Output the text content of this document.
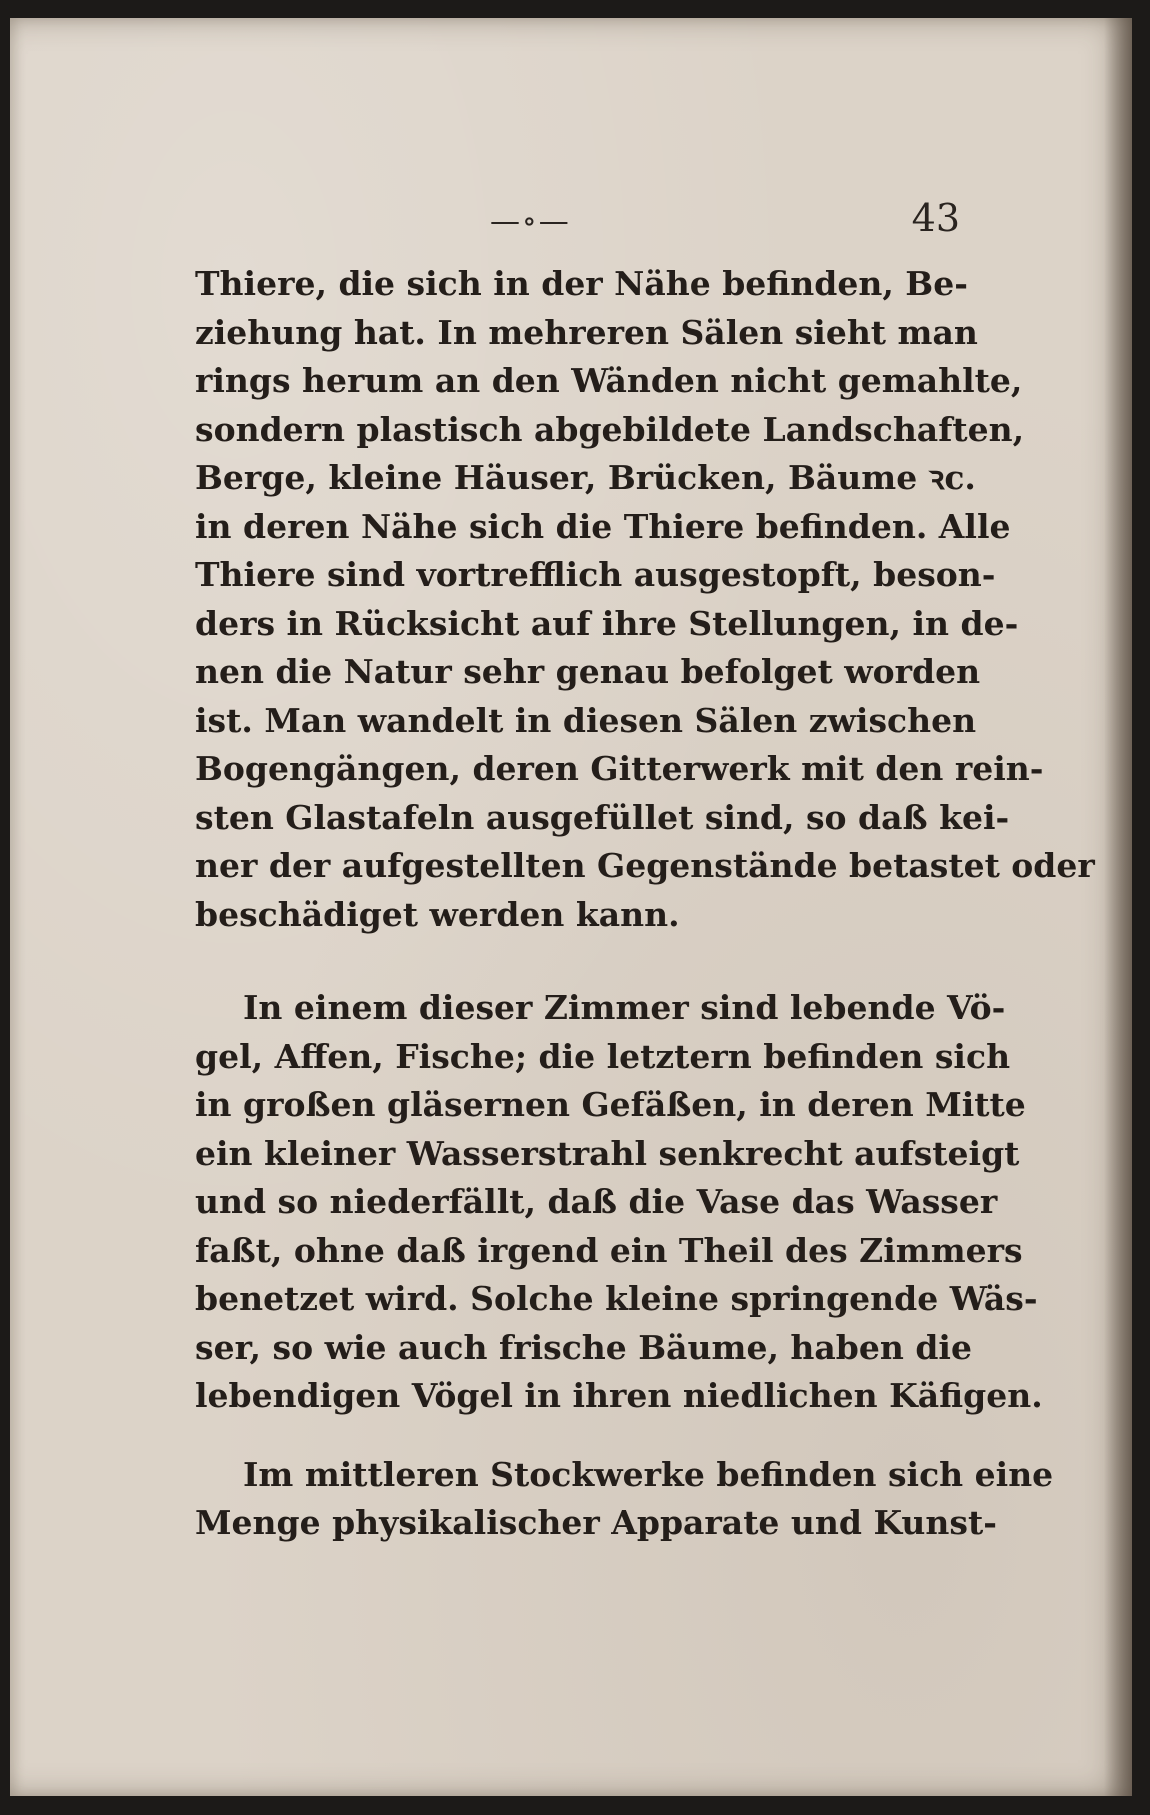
—∘—	43
Thiere, die sich in der Nähe befinden, Be-
ziehung hat. In mehreren Sälen sieht man
rings herum an den Wänden nicht gemahlte,
sondern plastisch abgebildete Landschaften,
Berge, kleine Häuser, Brücken, Bäume ꝛc.
in deren Nähe sich die Thiere befinden. Alle
Thiere sind vortrefflich ausgestopft, beson-
ders in Rücksicht auf ihre Stellungen, in de-
nen die Natur sehr genau befolget worden
ist. Man wandelt in diesen Sälen zwischen
Bogengängen, deren Gitterwerk mit den rein-
sten Glastafeln ausgefüllet sind, so daß kei-
ner der aufgestellten Gegenstände betastet oder
beschädiget werden kann.
In einem dieser Zimmer sind lebende Vö-
gel, Affen, Fische; die letztern befinden sich
in großen gläsernen Gefäßen, in deren Mitte
ein kleiner Wasserstrahl senkrecht aufsteigt
und so niederfällt, daß die Vase das Wasser
faßt, ohne daß irgend ein Theil des Zimmers
benetzet wird. Solche kleine springende Wäs-
ser, so wie auch frische Bäume, haben die
lebendigen Vögel in ihren niedlichen Käfigen.
Im mittleren Stockwerke befinden sich eine
Menge physikalischer Apparate und Kunst-
